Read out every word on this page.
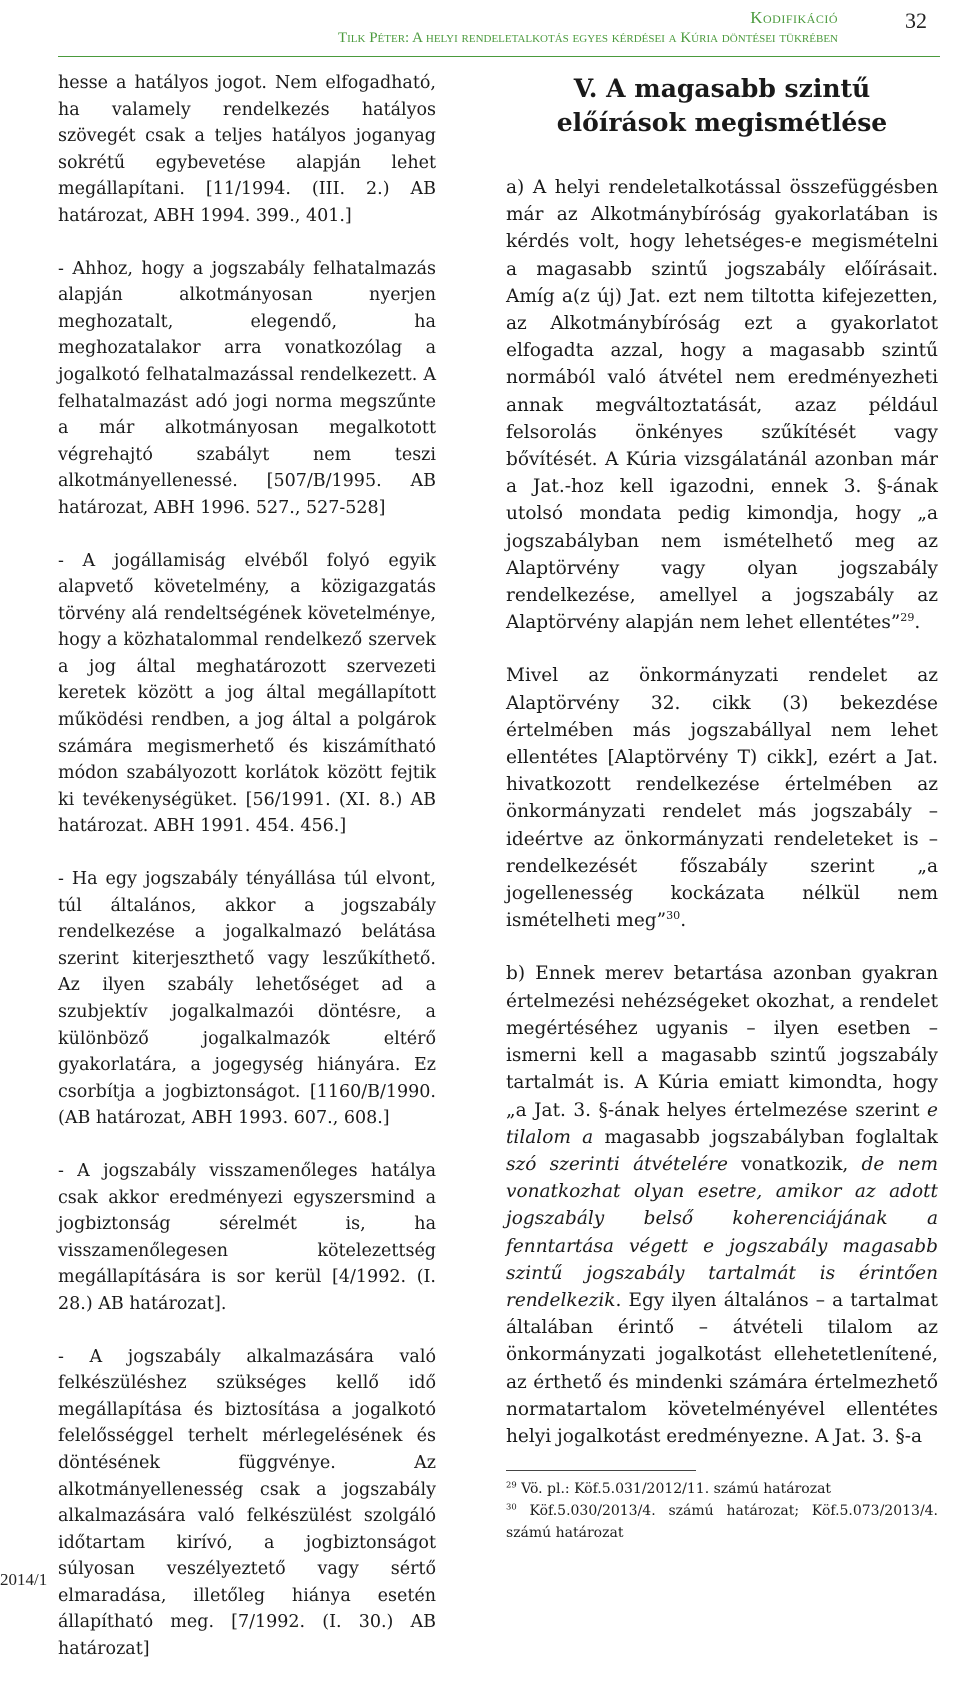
Kodifikáció
Tilk Péter: A helyi rendeletalkotás egyes kérdései a Kúria döntései tükrében
32

hesse a hatályos jogot. Nem elfogadható, ha valamely rendelkezés hatályos szövegét csak a teljes hatályos joganyag sokrétű egybevetése alapján lehet megállapítani. [11/1994. (III. 2.) AB határozat, ABH 1994. 399., 401.]

- Ahhoz, hogy a jogszabály felhatalmazás alapján alkotmányosan nyerjen meghozatalt, elegendő, ha meghozatalakor arra vonatkozólag a jogalkotó felhatalmazással rendelkezett. A felhatalmazást adó jogi norma megszűnte a már alkotmányosan megalkotott végrehajtó szabályt nem teszi alkotmányellenessé. [507/B/1995. AB határozat, ABH 1996. 527., 527-528]

- A jogállamiság elvéből folyó egyik alapvető követelmény, a közigazgatás törvény alá rendeltségének követelménye, hogy a közhatalommal rendelkező szervek a jog által meghatározott szervezeti keretek között a jog által megállapított működési rendben, a jog által a polgárok számára megismerhető és kiszámítható módon szabályozott korlátok között fejtik ki tevékenységüket. [56/1991. (XI. 8.) AB határozat. ABH 1991. 454. 456.]

- Ha egy jogszabály tényállása túl elvont, túl általános, akkor a jogszabály rendelkezése a jogalkalmazó belátása szerint kiterjeszthető vagy leszűkíthető. Az ilyen szabály lehetőséget ad a szubjektív jogalkalmazói döntésre, a különböző jogalkalmazók eltérő gyakorlatára, a jogegység hiányára. Ez csorbítja a jogbiztonságot. [1160/B/1990. (AB határozat, ABH 1993. 607., 608.]

- A jogszabály visszamenőleges hatálya csak akkor eredményezi egyszersmind a jogbiztonság sérelmét is, ha visszamenőlegesen kötelezettség megállapítására is sor kerül [4/1992. (I. 28.) AB határozat].

- A jogszabály alkalmazására való felkészüléshez szükséges kellő idő megállapítása és biztosítása a jogalkotó felelősséggel terhelt mérlegelésének és döntésének függvénye. Az alkotmányellenesség csak a jogszabály alkalmazására való felkészülést szolgáló időtartam kirívó, a jogbiztonságot súlyosan veszélyeztető vagy sértő elmaradása, illetőleg hiánya esetén állapítható meg. [7/1992. (I. 30.) AB határozat]

V. A magasabb szintű előírások megismétlése

a) A helyi rendeletalkotással összefüggésben már az Alkotmánybíróság gyakorlatában is kérdés volt, hogy lehetséges-e megismételni a magasabb szintű jogszabály előírásait. Amíg a(z új) Jat. ezt nem tiltotta kifejezetten, az Alkotmánybíróság ezt a gyakorlatot elfogadta azzal, hogy a magasabb szintű normából való átvétel nem eredményezheti annak megváltoztatását, azaz például felsorolás önkényes szűkítését vagy bővítését. A Kúria vizsgálatánál azonban már a Jat.-hoz kell igazodni, ennek 3. §-ának utolsó mondata pedig kimondja, hogy „a jogszabályban nem ismételhető meg az Alaptörvény vagy olyan jogszabály rendelkezése, amellyel a jogszabály az Alaptörvény alapján nem lehet ellentétes”$^{29}$.

Mivel az önkormányzati rendelet az Alaptörvény 32. cikk (3) bekezdése értelmében más jogszabállyal nem lehet ellentétes [Alaptörvény T) cikk], ezért a Jat. hivatkozott rendelkezése értelmében az önkormányzati rendelet más jogszabály – ideértve az önkormányzati rendeleteket is – rendelkezését főszabály szerint „a jogellenesség kockázata nélkül nem ismételheti meg”$^{30}$.

b) Ennek merev betartása azonban gyakran értelmezési nehézségeket okozhat, a rendelet megértéséhez ugyanis – ilyen esetben – ismerni kell a magasabb szintű jogszabály tartalmát is. A Kúria emiatt kimondta, hogy „a Jat. 3. §-ának helyes értelmezése szerint e tilalom a magasabb jogszabályban foglaltak szó szerinti átvételére vonatkozik, de nem vonatkozhat olyan esetre, amikor az adott jogszabály belső koherenciájának a fenntartása végett e jogszabály magasabb szintű jogszabály tartalmát is érintően rendelkezik. Egy ilyen általános – a tartalmat általában érintő – átvételi tilalom az önkormányzati jogalkotást ellehetetlenítené, az érthető és mindenki számára értelmezhető normatartalom követelményével ellentétes helyi jogalkotást eredményezne. A Jat. 3. §-a

$^{29}$ Vö. pl.: Köf.5.031/2012/11. számú határozat

$^{30}$ Köf.5.030/2013/4. számú határozat; Köf.5.073/2013/4. számú határozat

2014/1
